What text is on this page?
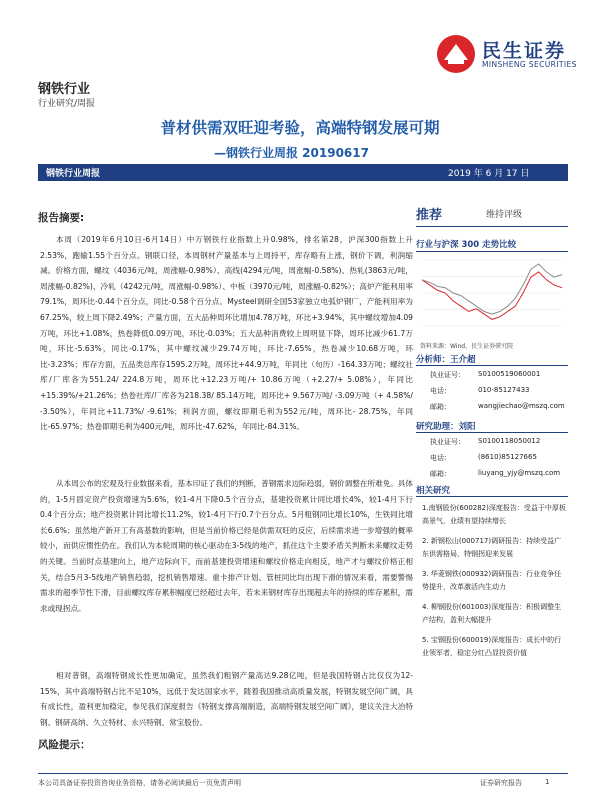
民生证券
MINSHENG SECURITIES
钢铁行业
行业研究/周报
普材供需双旺迎考验，高端特钢发展可期
—钢铁行业周报 20190617
钢铁行业周报	2019 年 6 月 17 日
报告摘要:
本周（2019年6月10日-6月14日）中万钢铁行业指数上升0.98%，排名第28，沪深300指数上升2.53%，跑输1.55个百分点。钢联口径，本周钢材产量基本与上周持平，库存略有上涨，钢价下调，利润缩减。价格方面，螺纹（4036元/吨，周涨幅-0.98%）、高线(4294元/吨，周涨幅-0.58%)、热轧(3863元/吨，周涨幅-0.82%)、冷轧（4242元/吨，周涨幅-0.98%）、中板（3970元/吨，周涨幅-0.82%）；高炉产能利用率79.1%，周环比-0.44个百分点，同比-0.58个百分点。Mysteel调研全国53家独立电弧炉钢厂，产能利用率为67.25%，较上周下降2.49%；产量方面，五大品种周环比增加4.78万吨，环比+3.94%，其中螺纹增加4.09万吨，环比+1.08%，热卷降低0.09万吨，环比-0.03%；五大品种消费较上周明显下降，周环比减少61.7万吨，环比-5.63%，同比-0.17%，其中螺纹减少29.74万吨，环比-7.65%，热卷减少10.68万吨，环比-3.23%；库存方面，五品类总库存1595.2万吨，周环比+44.9万吨，年同比（旬历）-164.33万吨；螺纹社库/厂库各为551.24/ 224.8万吨，周环比+12.23万吨/+ 10.86万吨（+2.27/+ 5.08%），年同比+15.39%/+21.26%；热卷社库/厂库各为218.38/ 85.14万吨，周环比+ 9.567万吨/ -3.09万吨（+ 4.58%/ -3.50%），年同比+11.73%/ -9.61%；利润方面，螺纹即期毛利为552元/吨，周环比- 28.75%，年同比-65.97%；热卷即期毛利为400元/吨，周环比-47.62%，年同比-84.31%。
从本周公布的宏观及行业数据来看，基本印证了我们的判断，普钢需求边际趋弱，钢价调整在所难免。具体的，1-5月固定资产投资增速为5.6%，较1-4月下降0.5个百分点，基建投资累计同比增长4%，较1-4月下行0.4个百分点；地产投资累计同比增长11.2%，较1-4月下行0.7个百分点。5月粗钢同比增长10%，生铁同比增长6.6%；虽然地产新开工有高基数的影响，但是当前价格已经是供需双旺的反应，后续需求进一步增强的概率较小，而供应惯性仍在。我们认为本轮周期的核心驱动在3-5线的地产，抓住这个主要矛盾关判断未来螺纹走势的关键。当前时点基建向上，地产边际向下，而前基建投资增速和螺纹价格走向相反，地产才与螺纹价格正相关，结合5月3-5线地产销售趋弱，挖机销售增速、重卡排产计划、管桩同比均出现下滑的情况来看，需要警惕需求的超季节性下滑，目前螺纹库存累积幅度已经超过去年，若未来钢材库存出现超去年的持续的库存累积，需求或现拐点。
相对普钢，高端特钢成长性更加确定，虽然我们粗钢产量高达9.28亿吨，但是我国特钢占比仅仅为12-15%，其中高端特钢占比不足10%，远低于发达国家水平，随着我国推动高质量发展，特钢发展空间广阔，具有成长性，盈利更加稳定，参见我们深度报告《特钢支撑高端制造，高端特钢发展空间广阔》，建议关注大冶特钢、钢研高纳、久立特材、永兴特钢、常宝股份。
风险提示：
推荐	维持评级
行业与沪深 300 走势比较
资料来源：Wind，民生证券研究院
分析师：王介超
执业证号： S0100519060001
电话：	010-85127433
邮箱：	wangjiechao@mszq.com
研究助理：刘阳
执业证号： S0100118050012
电话：	(8610)85127665
邮箱：	liuyang_yjy@mszq.com
相关研究
1.南钢股份(600282)深度报告：受益于中厚板高景气，业绩有望持续增长
2. 新钢松山(000717)调研报告：持续受益广东供需格局，特钢拐迎来发展
3. 华菱钢铁(000932)调研报告：行业竞争任势提升，改革激活内生动力
4. 柳钢股份(601003)深度报告：积极调整生产结构，盈利大幅提升
5. 宝钢股份(600019)深度报告：成长中的行业领军者，稳定分红凸显投资价值
本公司具备证券投资咨询业务资格，请务必阅读最后一页免责声明	证券研究报告	1
